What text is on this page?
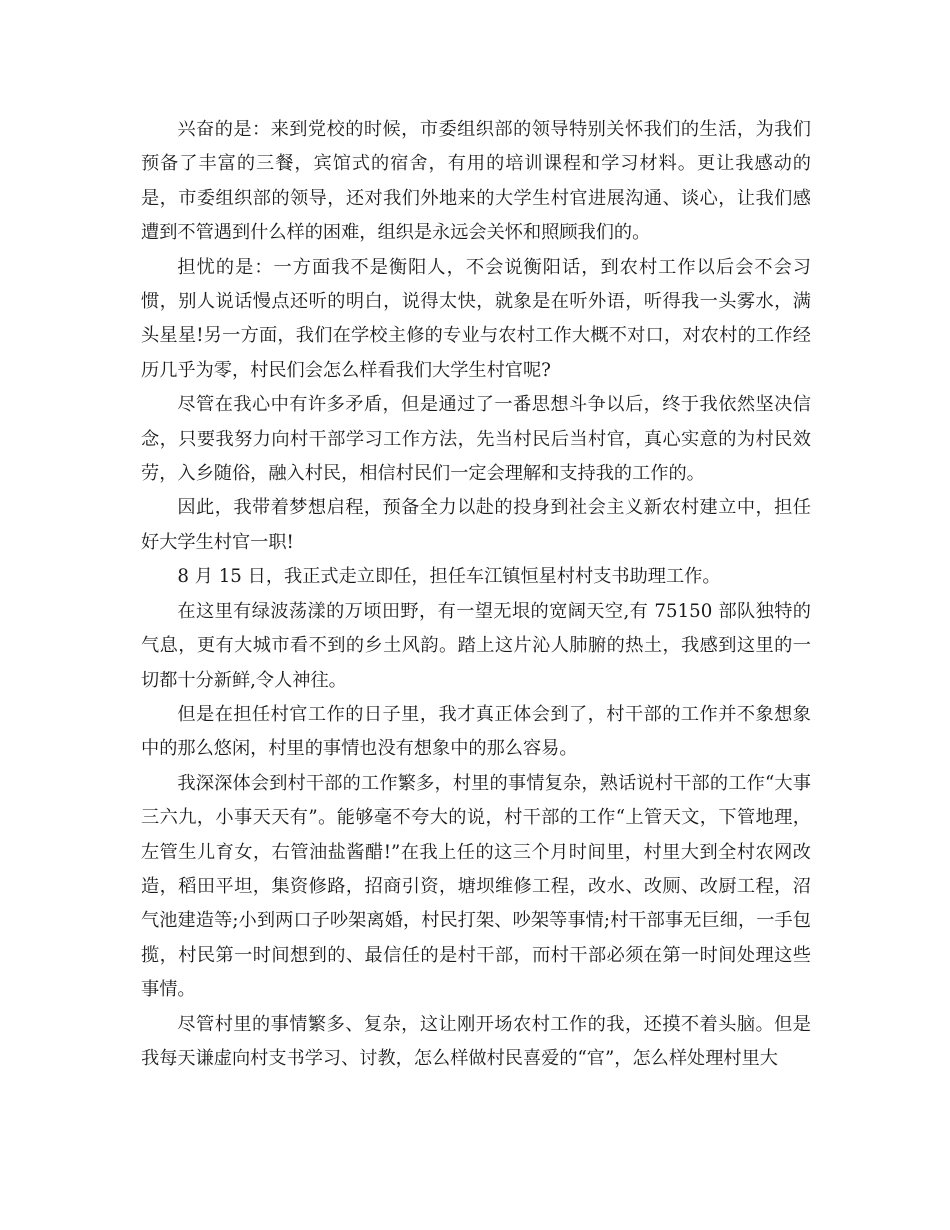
兴奋的是：来到党校的时候，市委组织部的领导特别关怀我们的生活，为我们预备了丰富的三餐，宾馆式的宿舍，有用的培训课程和学习材料。更让我感动的是，市委组织部的领导，还对我们外地来的大学生村官进展沟通、谈心，让我们感遭到不管遇到什么样的困难，组织是永远会关怀和照顾我们的。

担忧的是：一方面我不是衡阳人，不会说衡阳话，到农村工作以后会不会习惯，别人说话慢点还听的明白，说得太快，就象是在听外语，听得我一头雾水，满头星星!另一方面，我们在学校主修的专业与农村工作大概不对口，对农村的工作经历几乎为零，村民们会怎么样看我们大学生村官呢?

尽管在我心中有许多矛盾，但是通过了一番思想斗争以后，终于我依然坚决信念，只要我努力向村干部学习工作方法，先当村民后当村官，真心实意的为村民效劳，入乡随俗，融入村民，相信村民们一定会理解和支持我的工作的。

因此，我带着梦想启程，预备全力以赴的投身到社会主义新农村建立中，担任好大学生村官一职!

8 月 15 日，我正式走立即任，担任车江镇恒星村村支书助理工作。

在这里有绿波荡漾的万顷田野，有一望无垠的宽阔天空,有 75150 部队独特的气息，更有大城市看不到的乡土风韵。踏上这片沁人肺腑的热土，我感到这里的一切都十分新鲜,令人神往。

但是在担任村官工作的日子里，我才真正体会到了，村干部的工作并不象想象中的那么悠闲，村里的事情也没有想象中的那么容易。

我深深体会到村干部的工作繁多，村里的事情复杂，熟话说村干部的工作“大事三六九，小事天天有”。能够毫不夸大的说，村干部的工作“上管天文，下管地理，左管生儿育女，右管油盐酱醋!”在我上任的这三个月时间里，村里大到全村农网改造，稻田平坦，集资修路，招商引资，塘坝维修工程，改水、改厕、改厨工程，沼气池建造等;小到两口子吵架离婚，村民打架、吵架等事情;村干部事无巨细，一手包揽，村民第一时间想到的、最信任的是村干部，而村干部必须在第一时间处理这些事情。

尽管村里的事情繁多、复杂，这让刚开场农村工作的我，还摸不着头脑。但是我每天谦虚向村支书学习、讨教，怎么样做村民喜爱的“官”，怎么样处理村里大
